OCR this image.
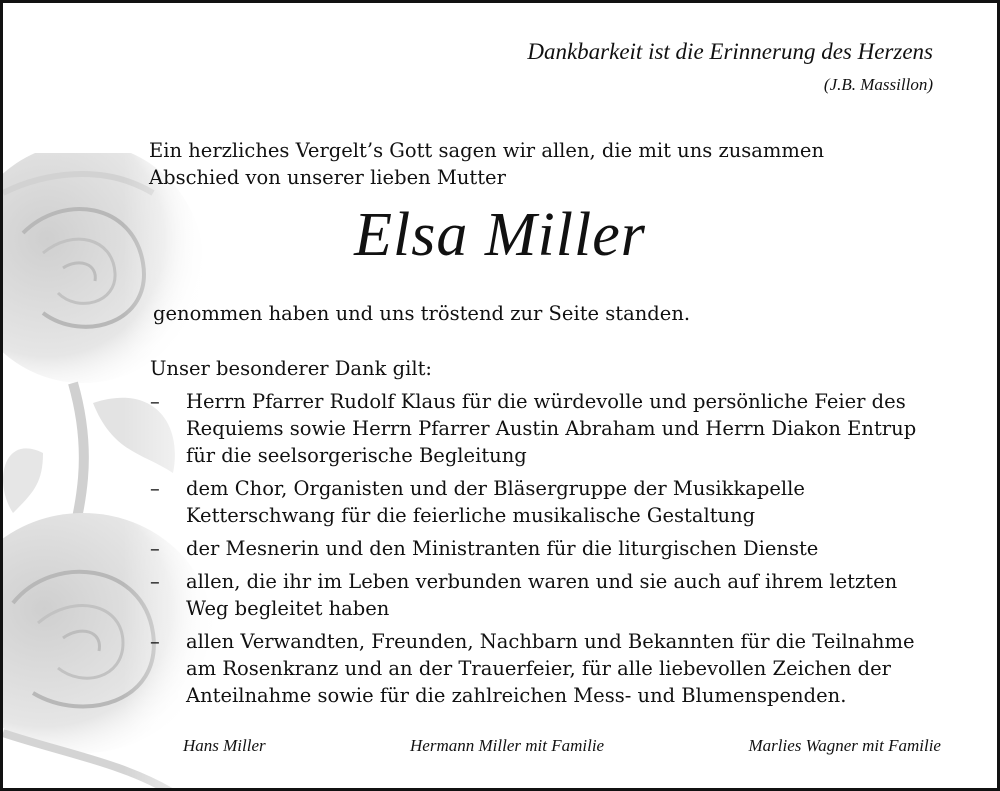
Dankbarkeit ist die Erinnerung des Herzens
(J.B. Massillon)
Ein herzliches Vergelt’s Gott sagen wir allen, die mit uns zusammen
Abschied von unserer lieben Mutter
Elsa Miller
genommen haben und uns tröstend zur Seite standen.
Unser besonderer Dank gilt:
– Herrn Pfarrer Rudolf Klaus für die würdevolle und persönliche Feier des
Requiems sowie Herrn Pfarrer Austin Abraham und Herrn Diakon Entrup
für die seelsorgerische Begleitung
– dem Chor, Organisten und der Bläsergruppe der Musikkapelle
Ketterschwang für die feierliche musikalische Gestaltung
– der Mesnerin und den Ministranten für die liturgischen Dienste
– allen, die ihr im Leben verbunden waren und sie auch auf ihrem letzten
Weg begleitet haben
– allen Verwandten, Freunden, Nachbarn und Bekannten für die Teilnahme
am Rosenkranz und an der Trauerfeier, für alle liebevollen Zeichen der
Anteilnahme sowie für die zahlreichen Mess- und Blumenspenden.
Hans Miller	Hermann Miller mit Familie	Marlies Wagner mit Familie
